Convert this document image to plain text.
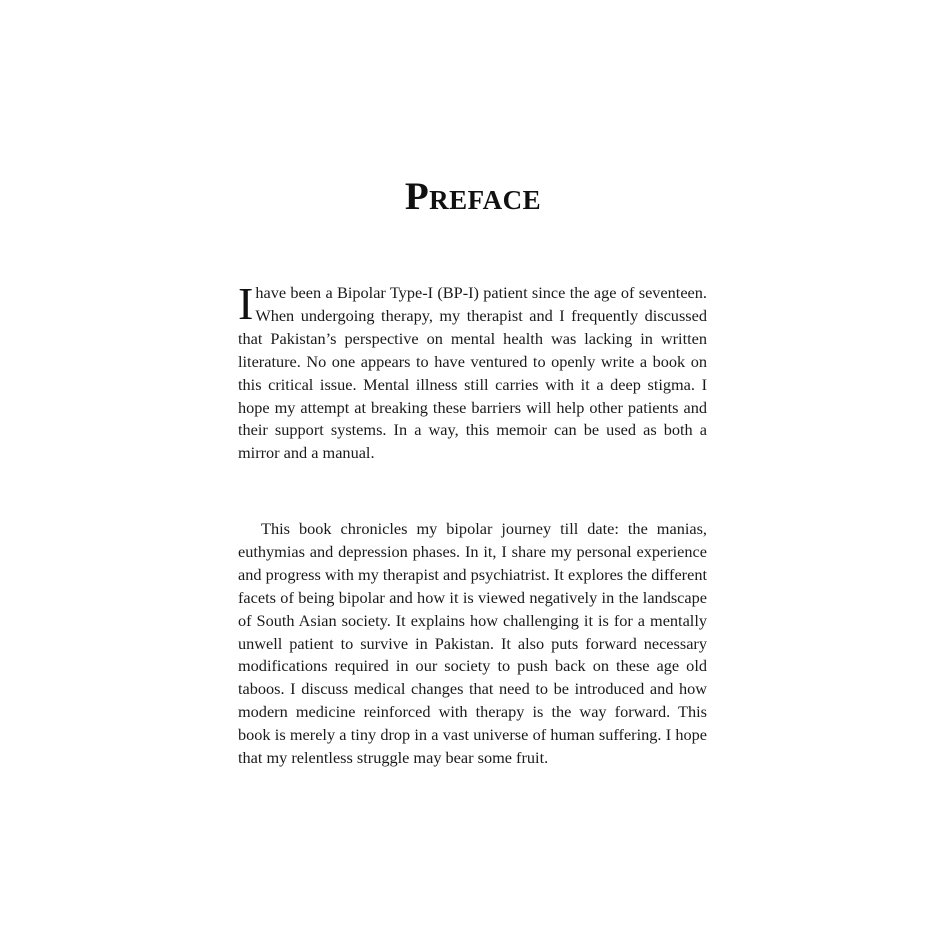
Preface

Ihave been a Bipolar Type-I (BP-I) patient since the age of seventeen. When undergoing therapy, my therapist and I frequently discussed that Pakistan’s perspective on mental health was lacking in written literature. No one appears to have ventured to openly write a book on this critical issue. Mental illness still carries with it a deep stigma. I hope my attempt at breaking these barriers will help other patients and their support systems. In a way, this memoir can be used as both a mirror and a manual.

This book chronicles my bipolar journey till date: the manias, euthymias and depression phases. In it, I share my personal experience and progress with my therapist and psychiatrist. It explores the different facets of being bipolar and how it is viewed negatively in the landscape of South Asian society. It explains how challenging it is for a mentally unwell patient to survive in Pakistan. It also puts forward necessary modifications required in our society to push back on these age old taboos. I discuss medical changes that need to be introduced and how modern medicine reinforced with therapy is the way forward. This book is merely a tiny drop in a vast universe of human suffering. I hope that my relentless struggle may bear some fruit.
